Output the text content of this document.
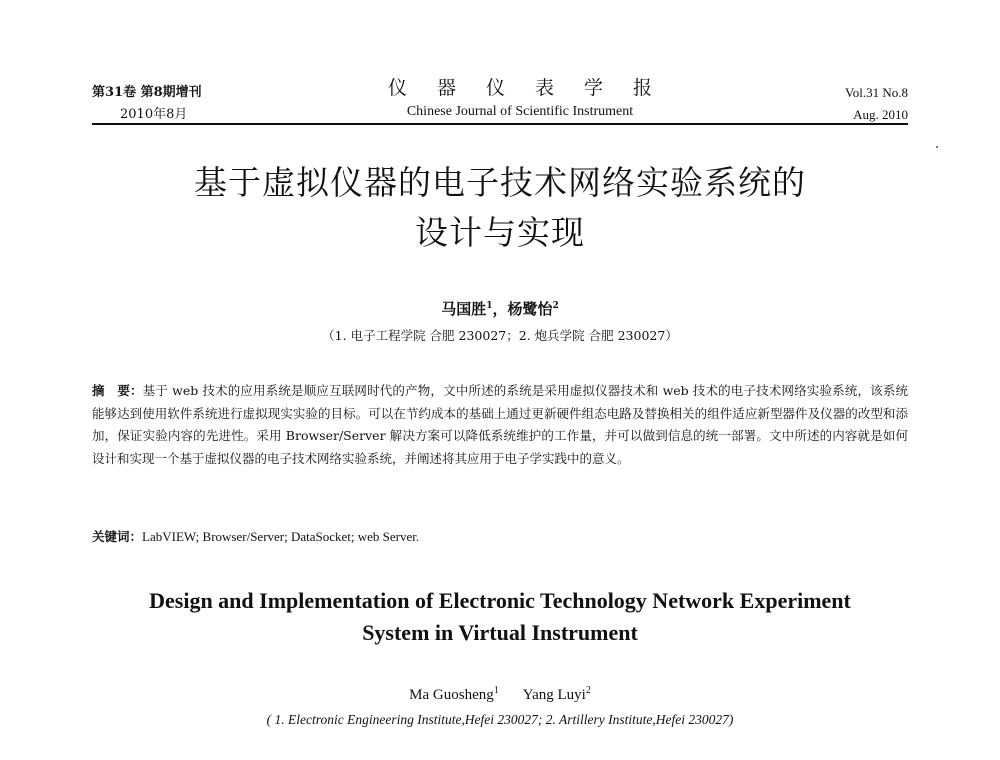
第31卷 第8期增刊
2010年8月
仪器仪表学报
Chinese Journal of Scientific Instrument
Vol.31 No.8
Aug. 2010
基于虚拟仪器的电子技术网络实验系统的
设计与实现
马国胜$^1$，杨鹭怡$^2$
（1. 电子工程学院 合肥 230027；2. 炮兵学院 合肥 230027）
摘　要：基于 web 技术的应用系统是顺应互联网时代的产物，文中所述的系统是采用虚拟仪器技术和 web 技术的电子技术网络实验系统，该系统能够达到使用软件系统进行虚拟现实实验的目标。可以在节约成本的基础上通过更新硬件组态电路及替换相关的组件适应新型器件及仪器的改型和添加，保证实验内容的先进性。采用 Browser/Server 解决方案可以降低系统维护的工作量，并可以做到信息的统一部署。文中所述的内容就是如何设计和实现一个基于虚拟仪器的电子技术网络实验系统，并阐述将其应用于电子学实践中的意义。
关键词：LabVIEW; Browser/Server; DataSocket; web Server.
Design and Implementation of Electronic Technology Network Experiment
System in Virtual Instrument
Ma Guosheng$^1$ Yang Luyi$^2$
( 1. Electronic Engineering Institute,Hefei 230027; 2. Artillery Institute,Hefei 230027)
